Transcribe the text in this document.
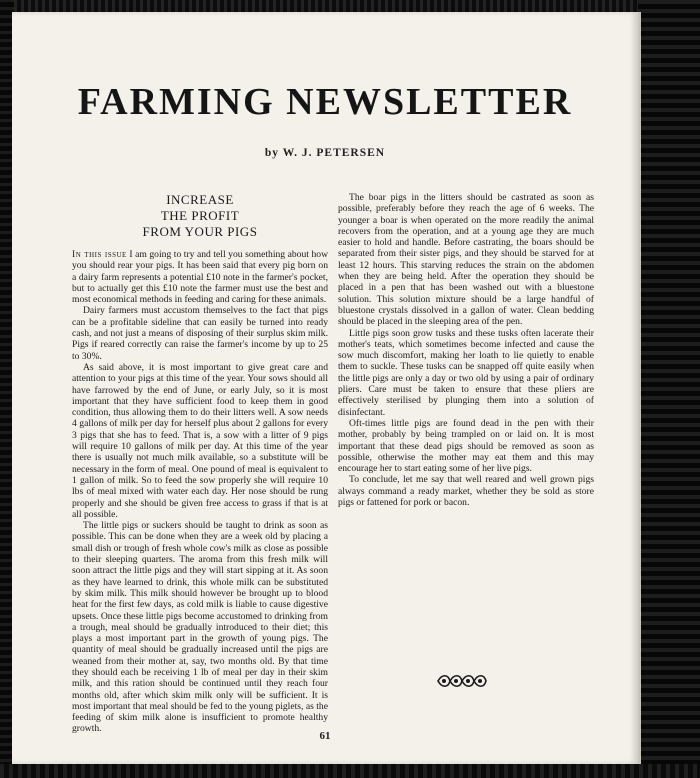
FARMING NEWSLETTER
by W. J. PETERSEN
INCREASE
THE PROFIT
FROM YOUR PIGS

In this issue I am going to try and tell you something about how you should rear your pigs. It has been said that every pig born on a dairy farm represents a potential £10 note in the farmer's pocket, but to actually get this £10 note the farmer must use the best and most economical methods in feeding and caring for these animals.

Dairy farmers must accustom themselves to the fact that pigs can be a profitable sideline that can easily be turned into ready cash, and not just a means of disposing of their surplus skim milk. Pigs if reared correctly can raise the farmer's income by up to 25 to 30%.

As said above, it is most important to give great care and attention to your pigs at this time of the year. Your sows should all have farrowed by the end of June, or early July, so it is most important that they have sufficient food to keep them in good condition, thus allowing them to do their litters well. A sow needs 4 gallons of milk per day for herself plus about 2 gallons for every 3 pigs that she has to feed. That is, a sow with a litter of 9 pigs will require 10 gallons of milk per day. At this time of the year there is usually not much milk available, so a substitute will be necessary in the form of meal. One pound of meal is equivalent to 1 gallon of milk. So to feed the sow properly she will require 10 lbs of meal mixed with water each day. Her nose should be rung properly and she should be given free access to grass if that is at all possible.

The little pigs or suckers should be taught to drink as soon as possible. This can be done when they are a week old by placing a small dish or trough of fresh whole cow's milk as close as possible to their sleeping quarters. The aroma from this fresh milk will soon attract the little pigs and they will start sipping at it. As soon as they have learned to drink, this whole milk can be substituted by skim milk. This milk should however be brought up to blood heat for the first few days, as cold milk is liable to cause digestive upsets. Once these little pigs become accustomed to drinking from a trough, meal should be gradually introduced to their diet; this plays a most important part in the growth of young pigs. The quantity of meal should be gradually increased until the pigs are weaned from their mother at, say, two months old. By that time they should each be receiving 1 lb of meal per day in their skim milk, and this ration should be continued until they reach four months old, after which skim milk only will be sufficient. It is most important that meal should be fed to the young piglets, as the feeding of skim milk alone is insufficient to promote healthy growth.

The boar pigs in the litters should be castrated as soon as possible, preferably before they reach the age of 6 weeks. The younger a boar is when operated on the more readily the animal recovers from the operation, and at a young age they are much easier to hold and handle. Before castrating, the boars should be separated from their sister pigs, and they should be starved for at least 12 hours. This starving reduces the strain on the abdomen when they are being held. After the operation they should be placed in a pen that has been washed out with a bluestone solution. This solution mixture should be a large handful of bluestone crystals dissolved in a gallon of water. Clean bedding should be placed in the sleeping area of the pen.

Little pigs soon grow tusks and these tusks often lacerate their mother's teats, which sometimes become infected and cause the sow much discomfort, making her loath to lie quietly to enable them to suckle. These tusks can be snapped off quite easily when the little pigs are only a day or two old by using a pair of ordinary pliers. Care must be taken to ensure that these pliers are effectively sterilised by plunging them into a solution of disinfectant.

Oft-times little pigs are found dead in the pen with their mother, probably by being trampled on or laid on. It is most important that these dead pigs should be removed as soon as possible, otherwise the mother may eat them and this may encourage her to start eating some of her live pigs.

To conclude, let me say that well reared and well grown pigs always command a ready market, whether they be sold as store pigs or fattened for pork or bacon.

61
